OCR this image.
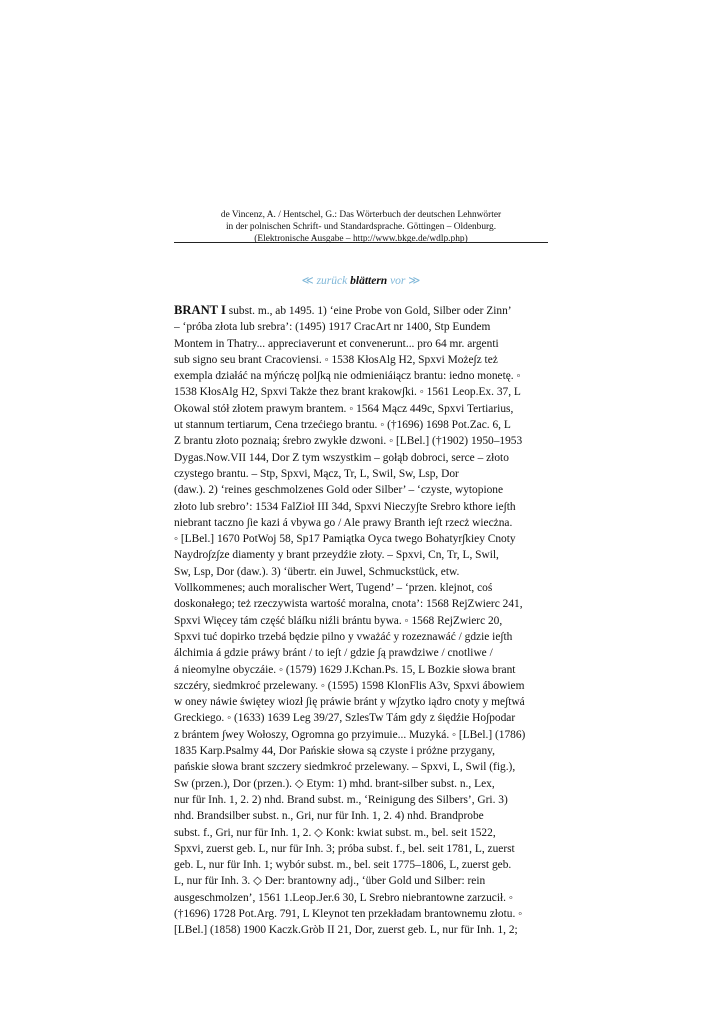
de Vincenz, A. / Hentschel, G.: Das Wörterbuch der deutschen Lehnwörter
in der polnischen Schrift- und Standardsprache. Göttingen – Oldenburg.
(Elektronische Ausgabe – http://www.bkge.de/wdlp.php)
≪ zurück blättern vor ≫
BRANT I subst. m., ab 1495. 1) ‘eine Probe von Gold, Silber oder Zinn’
– ‘próba złota lub srebra’: (1495) 1917 CracArt nr 1400, Stp Eundem
Montem in Thatry... appreciaverunt et convenerunt... pro 64 mr. argenti
sub signo seu brant Cracoviensi. ◦ 1538 KłosAlg H2, Spxvi Może∫z też
exempla działáć na mýńczę pol∫ką nie odmieniáiącz brantu: iedno monetę. ◦
1538 KłosAlg H2, Spxvi Także thez brant krakow∫ki. ◦ 1561 Leop.Ex. 37, L
Okowal stół złotem prawym brantem. ◦ 1564 Mącz 449c, Spxvi Tertiarius,
ut stannum tertiarum, Cena trzećiego brantu. ◦ (†1696) 1698 Pot.Zac. 6, L
Z brantu złoto poznaią; śrebro zwykłe dzwoni. ◦ [LBel.] (†1902) 1950–1953
Dygas.Now.VII 144, Dor Z tym wszystkim – gołąb dobroci, serce – złoto
czystego brantu. – Stp, Spxvi, Mącz, Tr, L, Swil, Sw, Lsp, Dor
(daw.). 2) ‘reines geschmolzenes Gold oder Silber’ – ‘czyste, wytopione
złoto lub srebro’: 1534 FalZioł III 34d, Spxvi Nieczy∫te Srebro kthore ie∫th
niebrant taczno ∫ie kazi á vbywa go / Ale prawy Branth ie∫t rzecż wiecżna.
◦ [LBel.] 1670 PotWoj 58, Sp17 Pamiątka Oyca twego Bohatyr∫kiey Cnoty
Naydro∫z∫ze diamenty y brant przeydźie złoty. – Spxvi, Cn, Tr, L, Swil,
Sw, Lsp, Dor (daw.). 3) ‘übertr. ein Juwel, Schmuckstück, etw.
Vollkommenes; auch moralischer Wert, Tugend’ – ‘przen. klejnot, coś
doskonałego; też rzeczywista wartość moralna, cnota’: 1568 RejZwierc 241,
Spxvi Więcey tám część bláſku niźli brántu bywa. ◦ 1568 RejZwierc 20,
Spxvi tuć dopirko trzebá będzie pilno y vważáć y rozeznawáć / gdzie ie∫th
álchimia á gdzie práwy bránt / to ie∫t / gdzie ∫ą prawdziwe / cnotliwe /
á nieomylne obyczáie. ◦ (1579) 1629 J.Kchan.Ps. 15, L Bozkie słowa brant
szczéry, siedmkroć przelewany. ◦ (1595) 1598 KlonFlis A3v, Spxvi ábowiem
w oney náwie świętey wiozł ∫ię práwie bránt y w∫zytko iądro cnoty y me∫twá
Greckiego. ◦ (1633) 1639 Leg 39/27, SzlesTw Tám gdy z śiędźie Ho∫podar
z brántem ∫wey Wołoszy, Ogromna go przyimuie... Muzyká. ◦ [LBel.] (1786)
1835 Karp.Psalmy 44, Dor Pańskie słowa są czyste i próżne przygany,
pańskie słowa brant szczery siedmkroć przelewany. – Spxvi, L, Swil (fig.),
Sw (przen.), Dor (przen.). ◇ Etym: 1) mhd. brant-silber subst. n., Lex,
nur für Inh. 1, 2. 2) nhd. Brand subst. m., ‘Reinigung des Silbers’, Gri. 3)
nhd. Brandsilber subst. n., Gri, nur für Inh. 1, 2. 4) nhd. Brandprobe
subst. f., Gri, nur für Inh. 1, 2. ◇ Konk: kwiat subst. m., bel. seit 1522,
Spxvi, zuerst geb. L, nur für Inh. 3; próba subst. f., bel. seit 1781, L, zuerst
geb. L, nur für Inh. 1; wybór subst. m., bel. seit 1775–1806, L, zuerst geb.
L, nur für Inh. 3. ◇ Der: brantowny adj., ‘über Gold und Silber: rein
ausgeschmolzen’, 1561 1.Leop.Jer.6 30, L Srebro niebrantowne zarzucił. ◦
(†1696) 1728 Pot.Arg. 791, L Kleynot ten przekładam brantownemu złotu. ◦
[LBel.] (1858) 1900 Kaczk.Gròb II 21, Dor, zuerst geb. L, nur für Inh. 1, 2;
